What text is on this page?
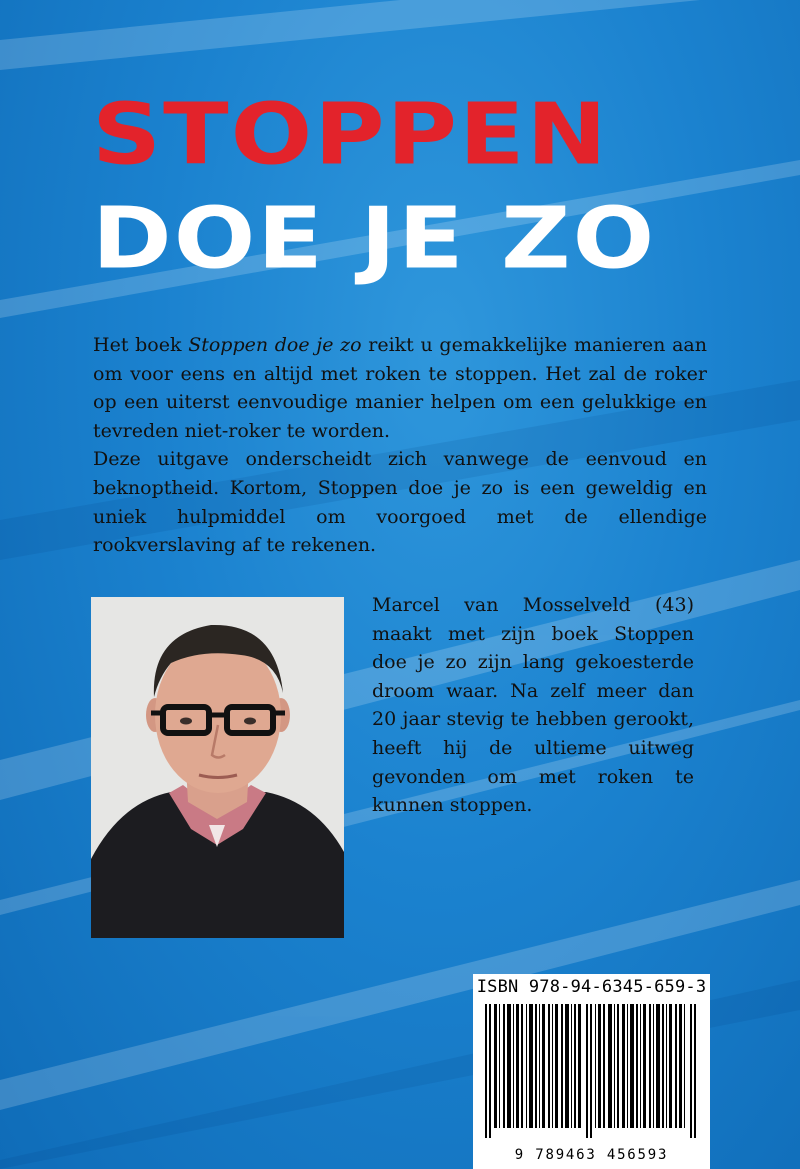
STOPPEN
DOE JE ZO

Het boek Stoppen doe je zo reikt u gemakkelijke manieren aan om voor eens en altijd met roken te stoppen. Het zal de roker op een uiterst eenvoudige manier helpen om een gelukkige en tevreden niet-roker te worden.

Deze uitgave onderscheidt zich vanwege de eenvoud en beknoptheid. Kortom, Stoppen doe je zo is een geweldig en uniek hulpmiddel om voorgoed met de ellendige rookverslaving af te rekenen.

Marcel van Mosselveld (43) maakt met zijn boek Stoppen doe je zo zijn lang gekoesterde droom waar. Na zelf meer dan 20 jaar stevig te hebben gerookt, heeft hij de ultieme uitweg gevonden om met roken te kunnen stoppen.

ISBN 978-94-6345-659-3
9 789463 456593
